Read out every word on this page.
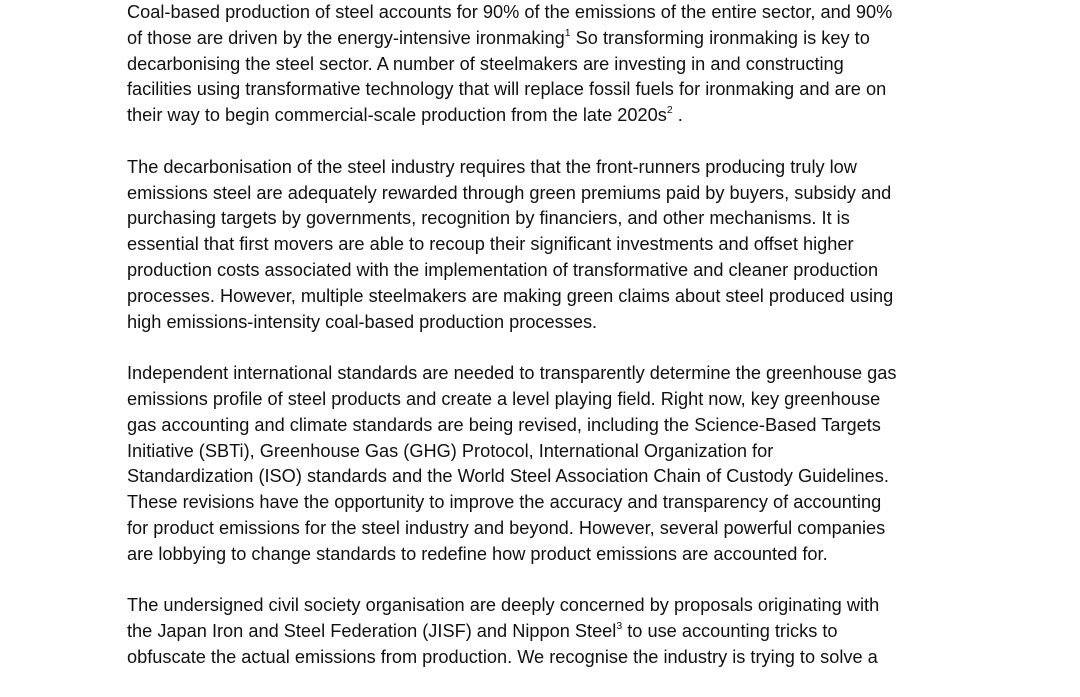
Coal-based production of steel accounts for 90% of the emissions of the entire sector, and 90%
of those are driven by the energy-intensive ironmaking$^1$ So transforming ironmaking is key to
decarbonising the steel sector. A number of steelmakers are investing in and constructing
facilities using transformative technology that will replace fossil fuels for ironmaking and are on
their way to begin commercial-scale production from the late $2020s^2$ .

The decarbonisation of the steel industry requires that the front-runners producing truly low
emissions steel are adequately rewarded through green premiums paid by buyers, subsidy and
purchasing targets by governments, recognition by financiers, and other mechanisms. It is
essential that first movers are able to recoup their significant investments and offset higher
production costs associated with the implementation of transformative and cleaner production
processes. However, multiple steelmakers are making green claims about steel produced using
high emissions-intensity coal-based production processes.

Independent international standards are needed to transparently determine the greenhouse gas
emissions profile of steel products and create a level playing field. Right now, key greenhouse
gas accounting and climate standards are being revised, including the Science-Based Targets
Initiative (SBTi), Greenhouse Gas (GHG) Protocol, International Organization for
Standardization (ISO) standards and the World Steel Association Chain of Custody Guidelines.
These revisions have the opportunity to improve the accuracy and transparency of accounting
for product emissions for the steel industry and beyond. However, several powerful companies
are lobbying to change standards to redefine how product emissions are accounted for.

The undersigned civil society organisation are deeply concerned by proposals originating with
the Japan Iron and Steel Federation (JISF) and Nippon Steel$^3$ to use accounting tricks to
obfuscate the actual emissions from production. We recognise the industry is trying to solve a
